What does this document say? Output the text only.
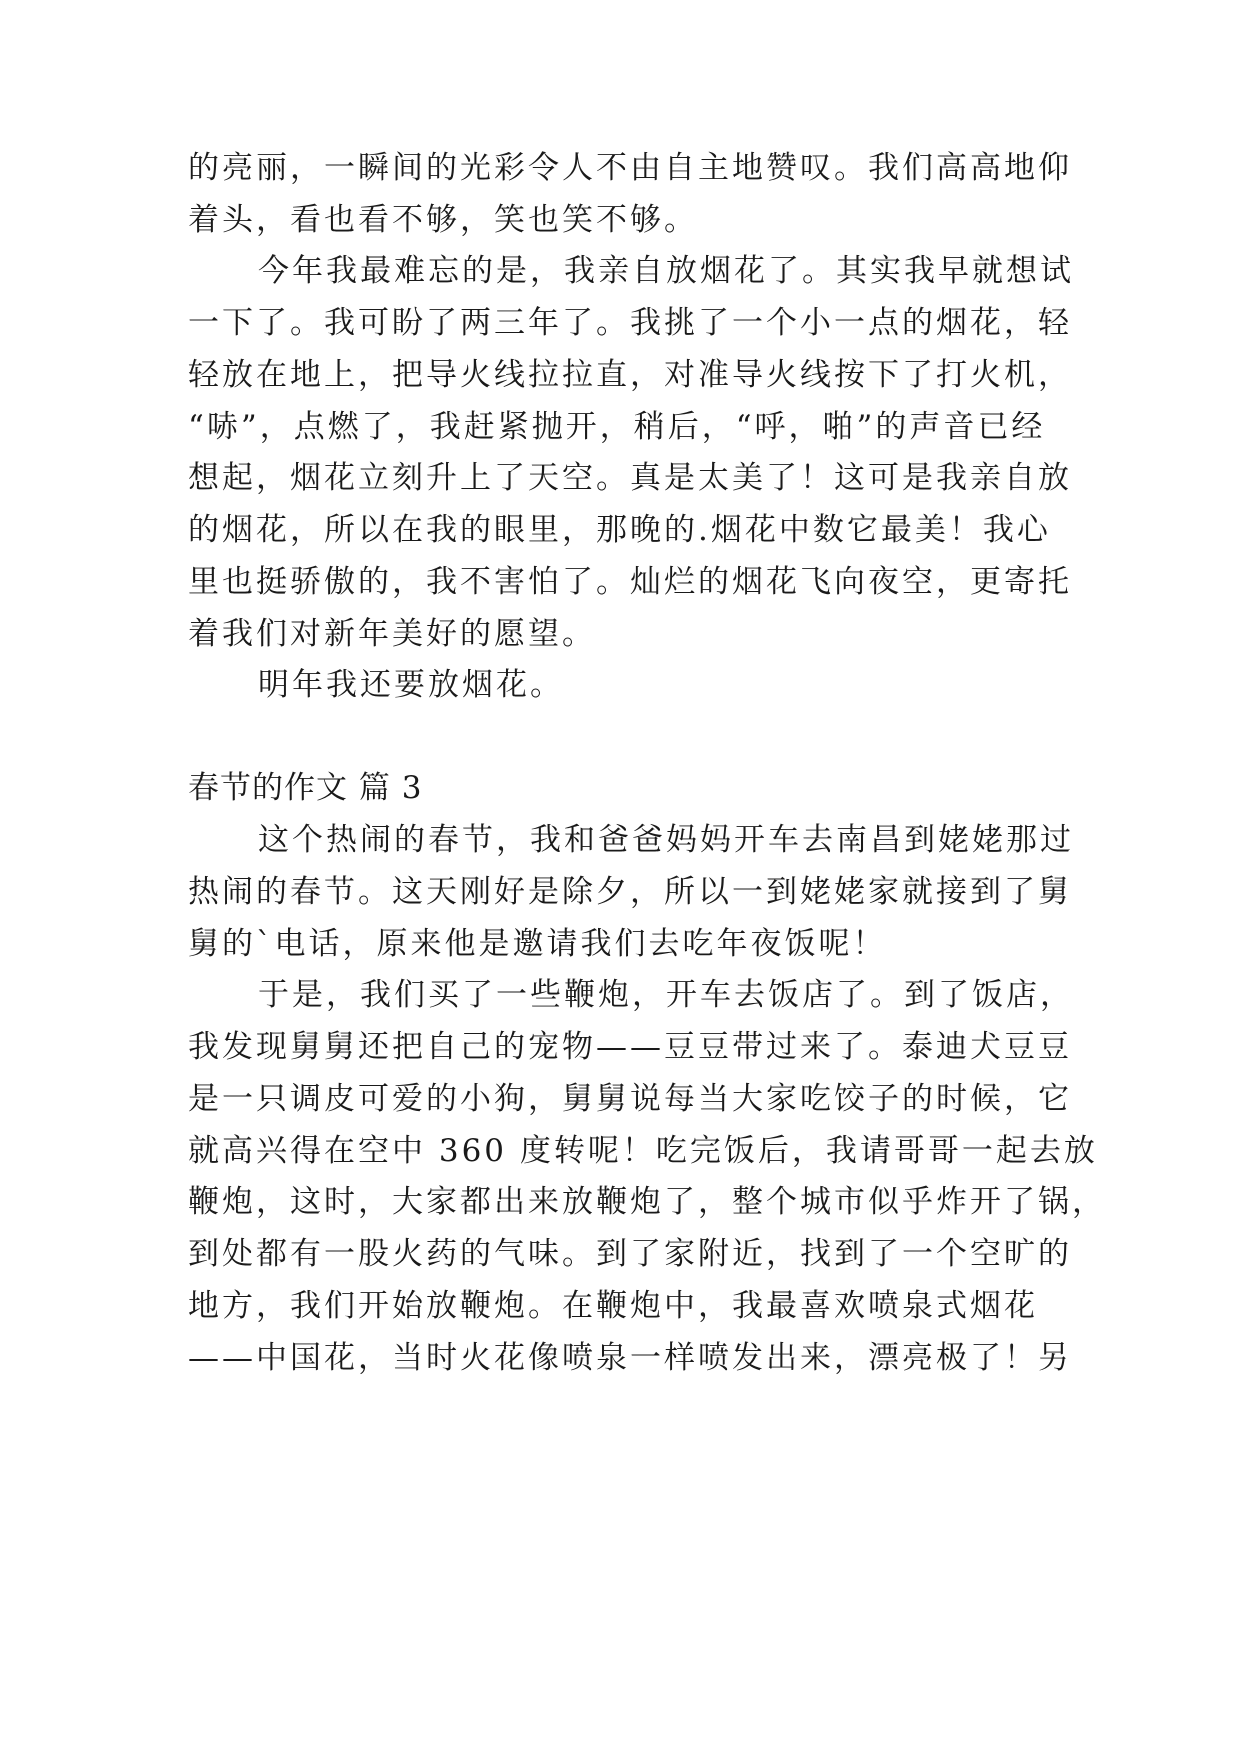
的亮丽，一瞬间的光彩令人不由自主地赞叹。我们高高地仰
着头，看也看不够，笑也笑不够。
今年我最难忘的是，我亲自放烟花了。其实我早就想试
一下了。我可盼了两三年了。我挑了一个小一点的烟花，轻
轻放在地上，把导火线拉拉直，对准导火线按下了打火机，
“哧”，点燃了，我赶紧抛开，稍后，“呼，啪”的声音已经
想起，烟花立刻升上了天空。真是太美了！这可是我亲自放
的烟花，所以在我的眼里，那晚的.烟花中数它最美！我心
里也挺骄傲的，我不害怕了。灿烂的烟花飞向夜空，更寄托
着我们对新年美好的愿望。
明年我还要放烟花。
春节的作文 篇 3
这个热闹的春节，我和爸爸妈妈开车去南昌到姥姥那过
热闹的春节。这天刚好是除夕，所以一到姥姥家就接到了舅
舅的`电话，原来他是邀请我们去吃年夜饭呢！
于是，我们买了一些鞭炮，开车去饭店了。到了饭店，
我发现舅舅还把自己的宠物——豆豆带过来了。泰迪犬豆豆
是一只调皮可爱的小狗，舅舅说每当大家吃饺子的时候，它
就高兴得在空中 360 度转呢！吃完饭后，我请哥哥一起去放
鞭炮，这时，大家都出来放鞭炮了，整个城市似乎炸开了锅，
到处都有一股火药的气味。到了家附近，找到了一个空旷的
地方，我们开始放鞭炮。在鞭炮中，我最喜欢喷泉式烟花
——中国花，当时火花像喷泉一样喷发出来，漂亮极了！另
